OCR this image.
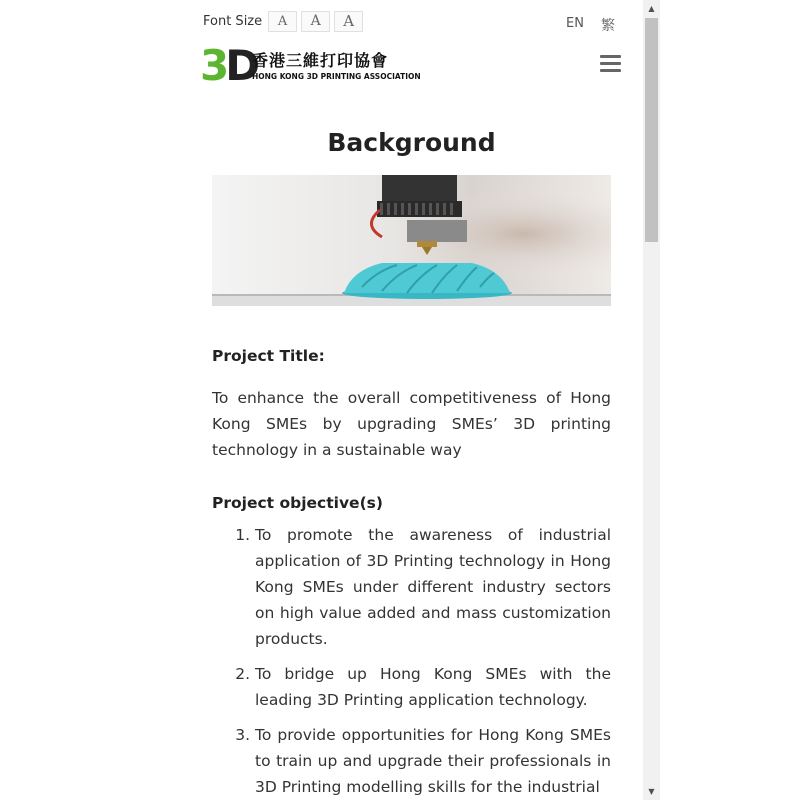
Font Size	A	A	A	EN 繁
3D
香港三維打印協會
HONG KONG 3D PRINTING ASSOCIATION
Background
Project Title:
To enhance the overall competitiveness of Hong Kong SMEs by upgrading SMEs’ 3D printing technology in a sustainable way
Project objective(s)
1. To promote the awareness of industrial application of 3D Printing technology in Hong Kong SMEs under different industry sectors on high value added and mass customization products.
2. To bridge up Hong Kong SMEs with the leading 3D Printing application technology.
3. To provide opportunities for Hong Kong SMEs to train up and upgrade their professionals in 3D Printing modelling skills for the industrial
▲
▼
